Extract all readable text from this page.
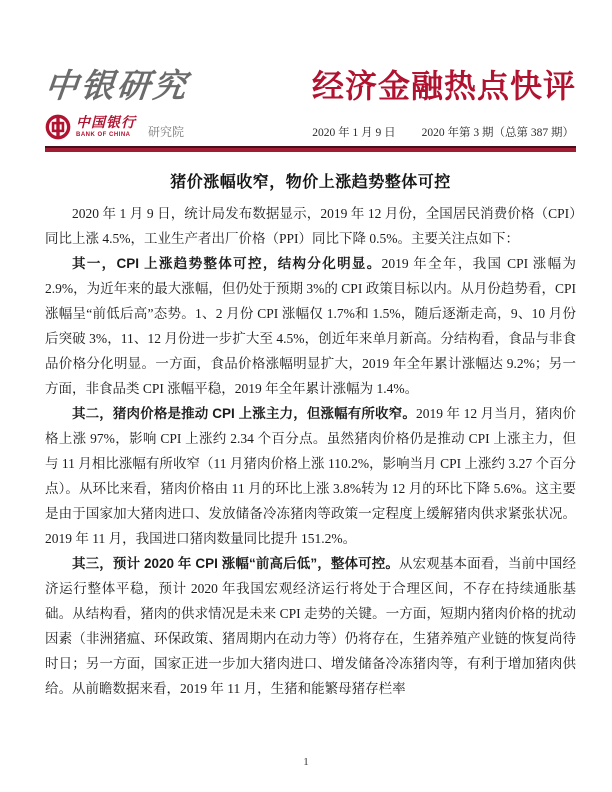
中银研究	经济金融热点快评
中国银行
BANK OF CHINA	研究院	2020 年 1 月 9 日 2020 年第 3 期（总第 387 期）
猪价涨幅收窄，物价上涨趋势整体可控

2020 年 1 月 9 日，统计局发布数据显示，2019 年 12 月份，全国居民消费价格（CPI）同比上涨 4.5%，工业生产者出厂价格（PPI）同比下降 0.5%。主要关注点如下：

其一，CPI 上涨趋势整体可控，结构分化明显。2019 年全年，我国 CPI 涨幅为 2.9%，为近年来的最大涨幅，但仍处于预期 3%的 CPI 政策目标以内。从月份趋势看，CPI 涨幅呈“前低后高”态势。1、2 月份 CPI 涨幅仅 1.7%和 1.5%，随后逐渐走高，9、10 月份后突破 3%，11、12 月份进一步扩大至 4.5%，创近年来单月新高。分结构看，食品与非食品价格分化明显。一方面，食品价格涨幅明显扩大，2019 年全年累计涨幅达 9.2%；另一方面，非食品类 CPI 涨幅平稳，2019 年全年累计涨幅为 1.4%。

其二，猪肉价格是推动 CPI 上涨主力，但涨幅有所收窄。2019 年 12 月当月，猪肉价格上涨 97%，影响 CPI 上涨约 2.34 个百分点。虽然猪肉价格仍是推动 CPI 上涨主力，但与 11 月相比涨幅有所收窄（11 月猪肉价格上涨 110.2%，影响当月 CPI 上涨约 3.27 个百分点）。从环比来看，猪肉价格由 11 月的环比上涨 3.8%转为 12 月的环比下降 5.6%。这主要是由于国家加大猪肉进口、发放储备冷冻猪肉等政策一定程度上缓解猪肉供求紧张状况。2019 年 11 月，我国进口猪肉数量同比提升 151.2%。

其三，预计 2020 年 CPI 涨幅“前高后低”，整体可控。从宏观基本面看，当前中国经济运行整体平稳，预计 2020 年我国宏观经济运行将处于合理区间，不存在持续通胀基础。从结构看，猪肉的供求情况是未来 CPI 走势的关键。一方面，短期内猪肉价格的扰动因素（非洲猪瘟、环保政策、猪周期内在动力等）仍将存在，生猪养殖产业链的恢复尚待时日；另一方面，国家正进一步加大猪肉进口、增发储备冷冻猪肉等，有利于增加猪肉供给。从前瞻数据来看，2019 年 11 月，生猪和能繁母猪存栏率

1
